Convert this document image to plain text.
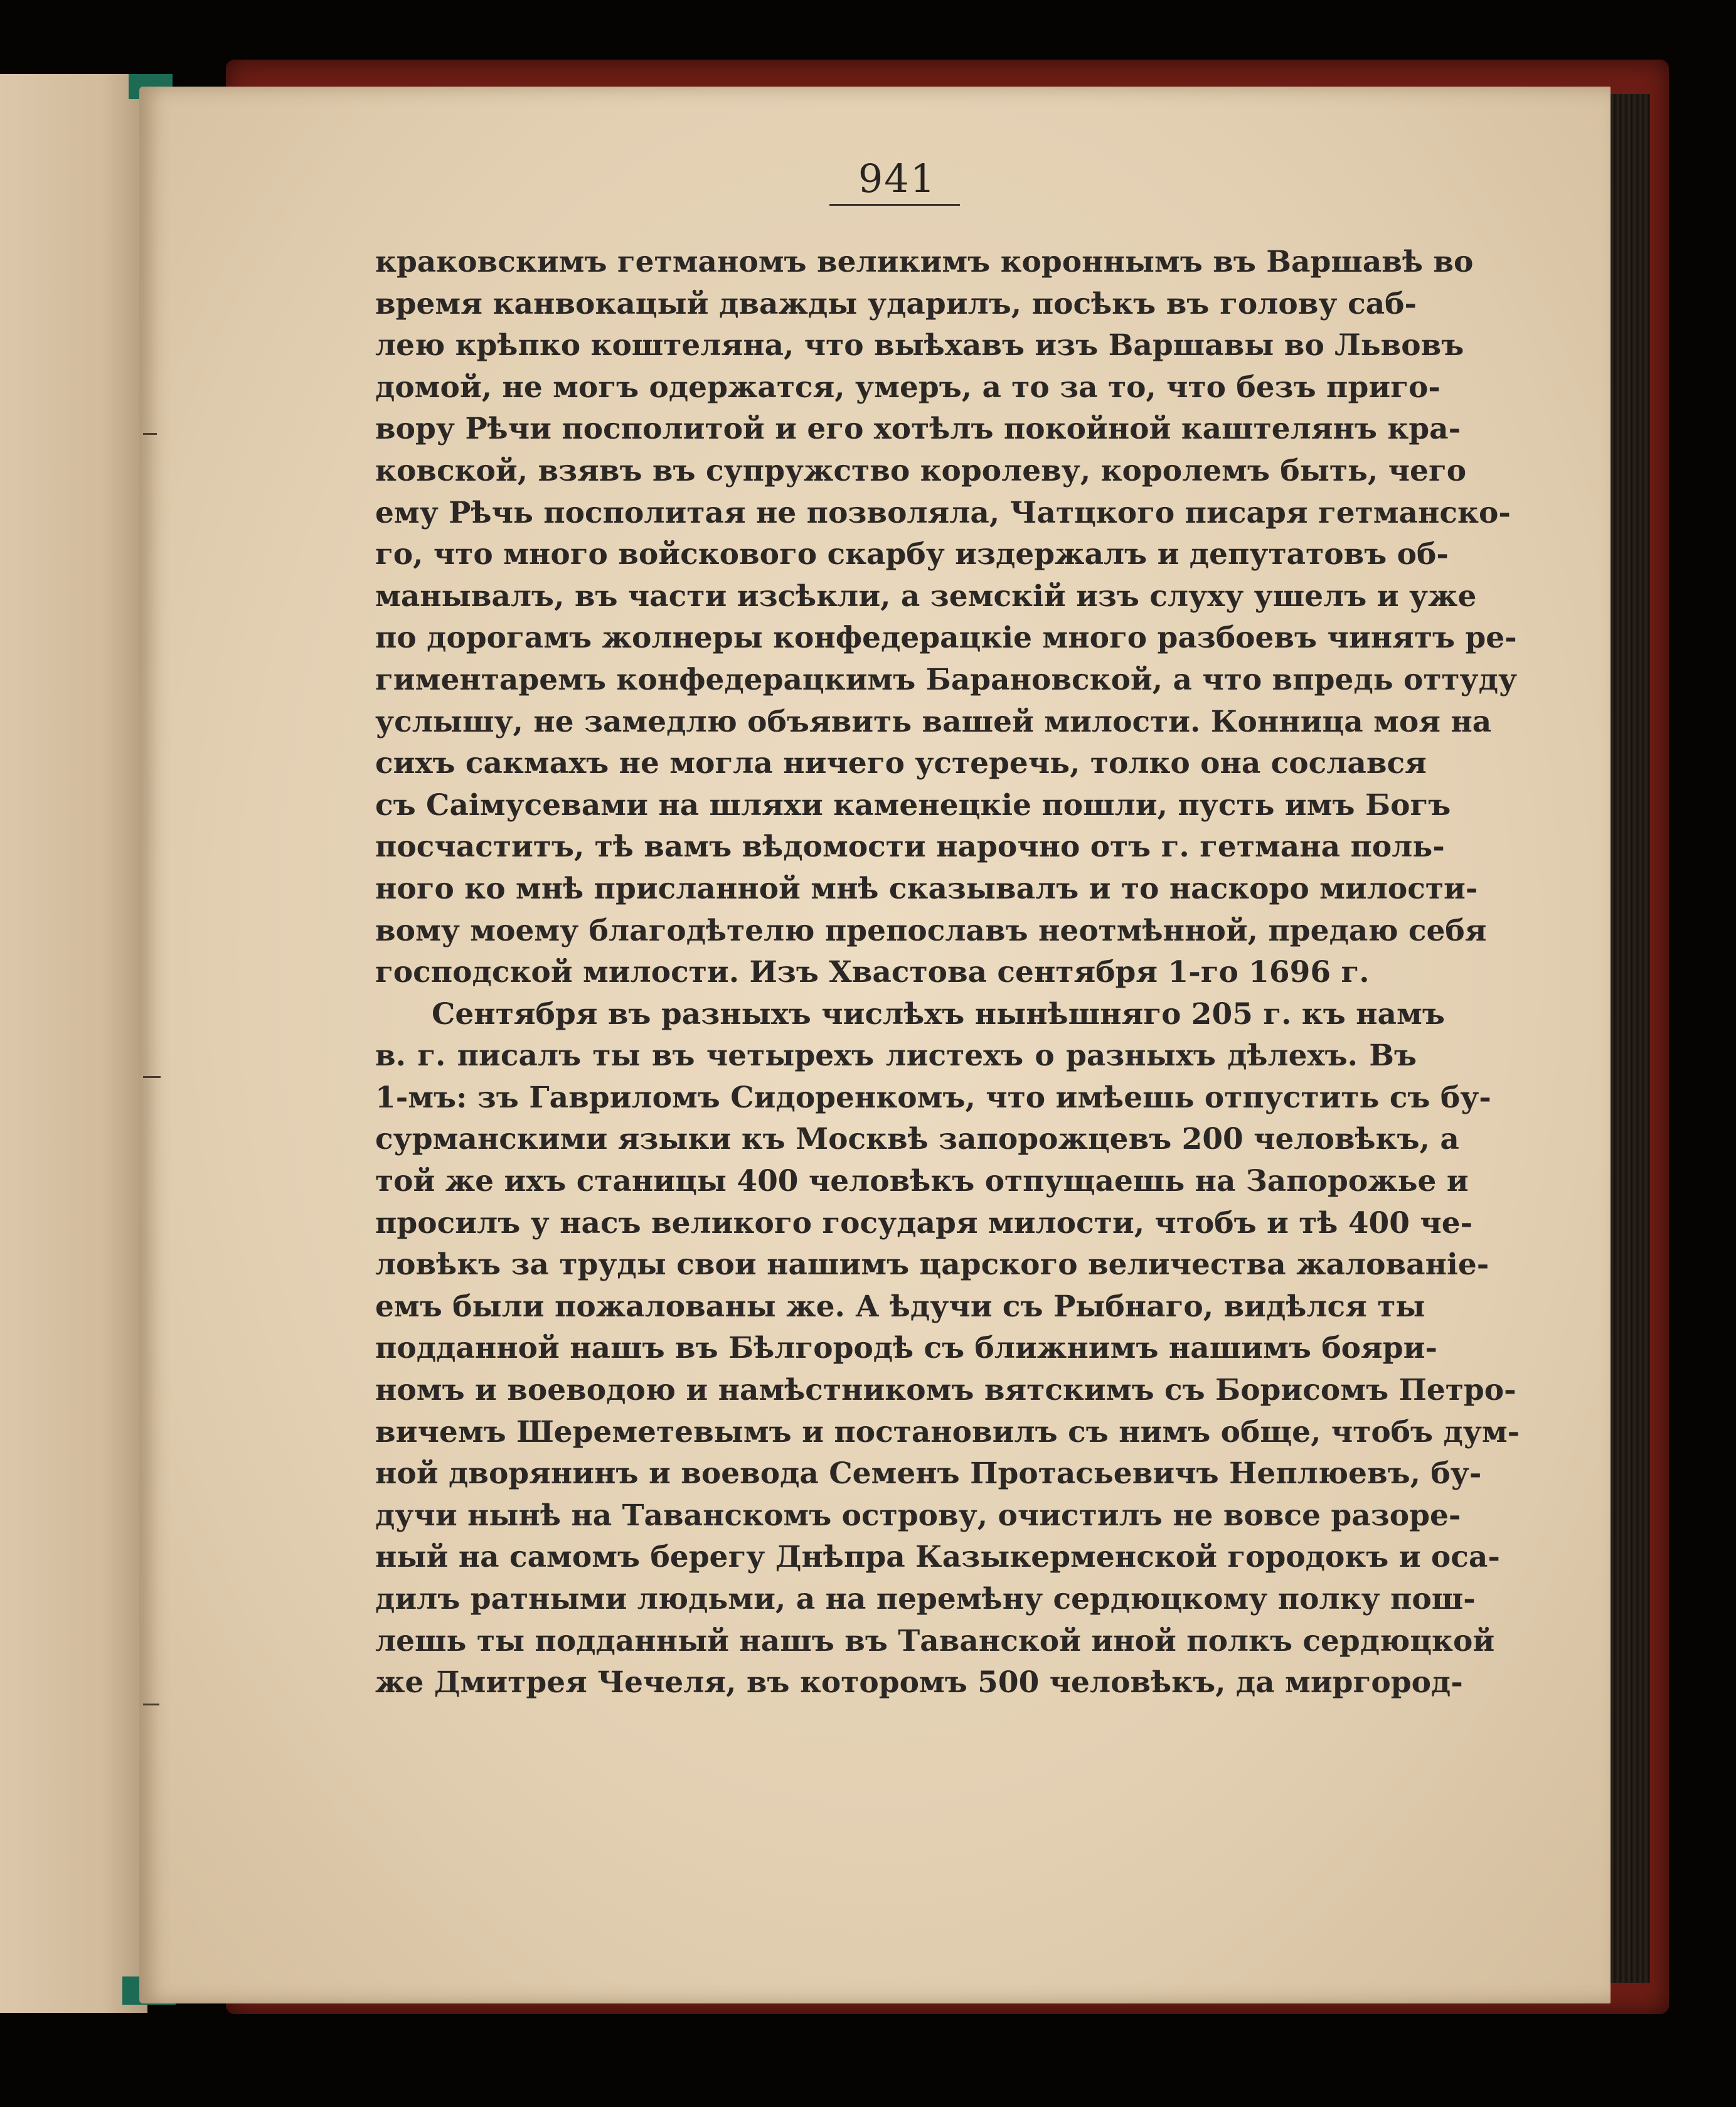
941
краковскимъ гетманомъ великимъ короннымъ въ Варшавѣ во
время канвокацый дважды ударилъ, посѣкъ въ голову саб-
лею крѣпко коштеляна, что выѣхавъ изъ Варшавы во Львовъ
домой, не могъ одержатся, умеръ, а то за то, что безъ приго-
вору Рѣчи посполитой и его хотѣлъ покойной каштелянъ кра-
ковской, взявъ въ супружство королеву, королемъ быть, чего
ему Рѣчь посполитая не позволяла, Чатцкого писаря гетманско-
го, что много войскового скарбу издержалъ и депутатовъ об-
манывалъ, въ части изсѣкли, а земскій изъ слуху ушелъ и уже
по дорогамъ жолнеры конфедерацкіе много разбоевъ чинятъ ре-
гиментаремъ конфедерацкимъ Барановской, а что впредь оттуду
услышу, не замедлю объявить вашей милости. Конница моя на
сихъ сакмахъ не могла ничего устеречь, толко она сослався
съ Саімусевами на шляхи каменецкіе пошли, пусть имъ Богъ
посчаститъ, тѣ вамъ вѣдомости нарочно отъ г. гетмана поль-
ного ко мнѣ присланной мнѣ сказывалъ и то наскоро милости-
вому моему благодѣтелю препославъ неотмѣнной, предаю себя
господской милости. Изъ Хвастова сентября 1-го 1696 г.
Сентября въ разныхъ числѣхъ нынѣшняго 205 г. къ намъ
в. г. писалъ ты въ четырехъ листехъ о разныхъ дѣлехъ. Въ
1-мъ: зъ Гавриломъ Сидоренкомъ, что имѣешь отпустить съ бу-
сурманскими языки къ Москвѣ запорожцевъ 200 человѣкъ, а
той же ихъ станицы 400 человѣкъ отпущаешь на Запорожье и
просилъ у насъ великого государя милости, чтобъ и тѣ 400 че-
ловѣкъ за труды свои нашимъ царского величества жалованіе-
емъ были пожалованы же. А ѣдучи съ Рыбнаго, видѣлся ты
подданной нашъ въ Бѣлгородѣ съ ближнимъ нашимъ бояри-
номъ и воеводою и намѣстникомъ вятскимъ съ Борисомъ Петро-
вичемъ Шереметевымъ и постановилъ съ нимъ обще, чтобъ дум-
ной дворянинъ и воевода Семенъ Протасьевичъ Неплюевъ, бу-
дучи нынѣ на Таванскомъ острову, очистилъ не вовсе разоре-
ный на самомъ берегу Днѣпра Казыкерменской городокъ и оса-
дилъ ратными людьми, а на перемѣну сердюцкому полку пош-
лешь ты подданный нашъ въ Таванской иной полкъ сердюцкой
же Дмитрея Чечеля, въ которомъ 500 человѣкъ, да миргород-
